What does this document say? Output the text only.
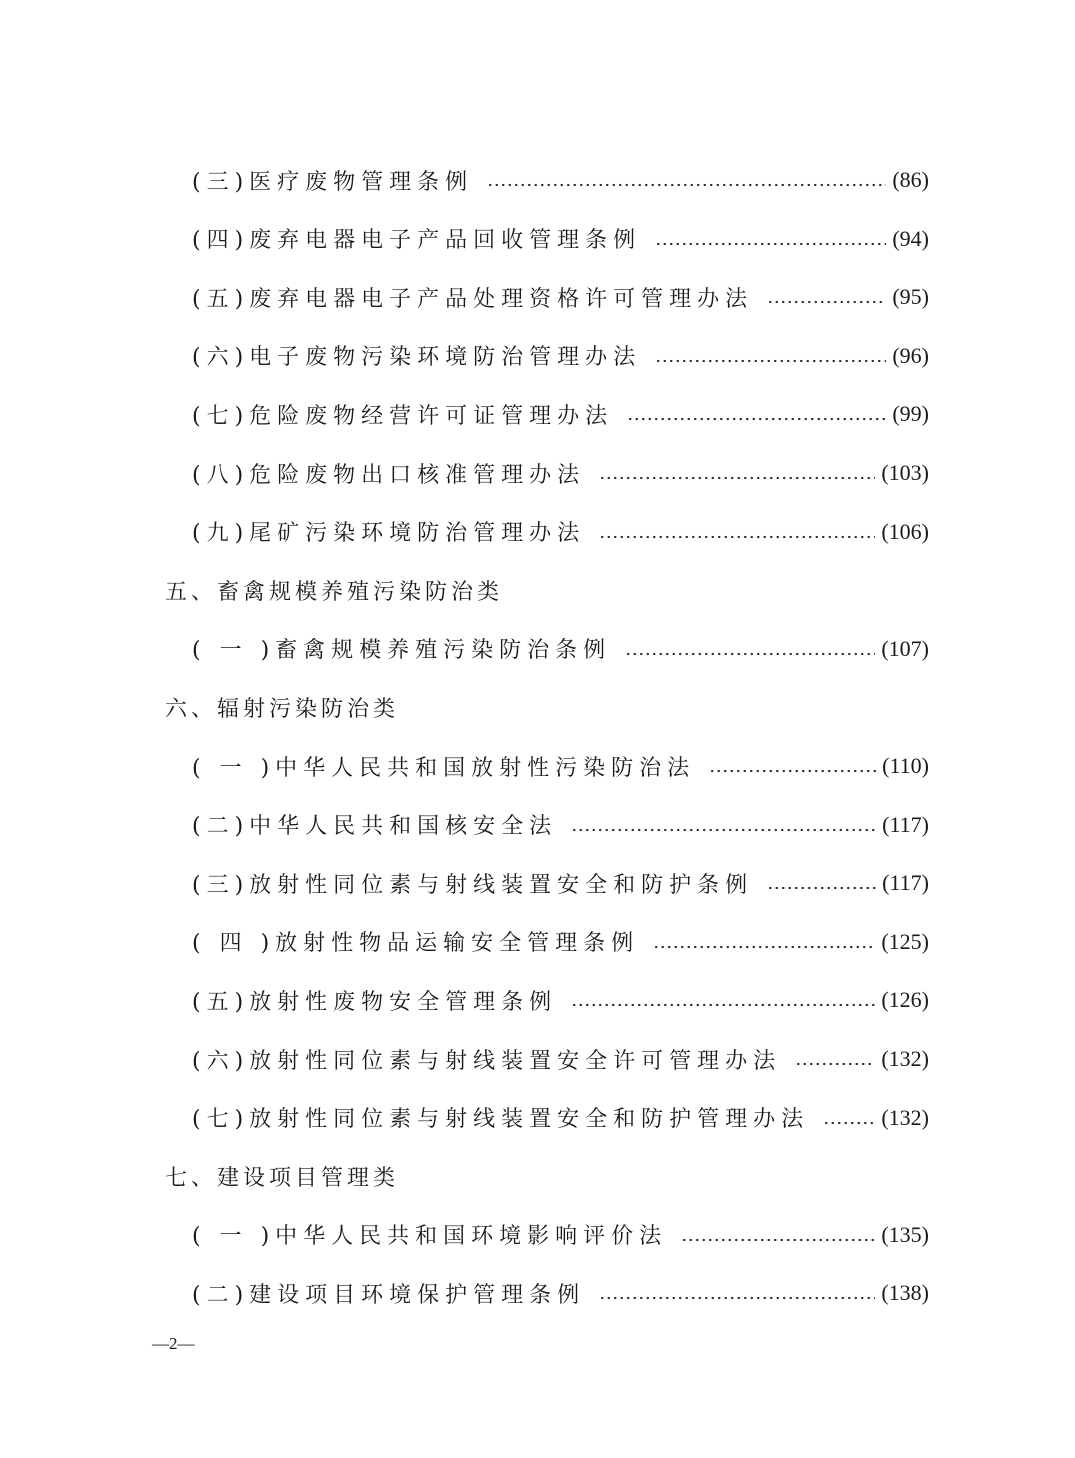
(三)医疗废物管理条例	(86)
(四)废弃电器电子产品回收管理条例	(94)
(五)废弃电器电子产品处理资格许可管理办法	(95)
(六)电子废物污染环境防治管理办法	(96)
(七)危险废物经营许可证管理办法	(99)
(八)危险废物出口核准管理办法	(103)
(九)尾矿污染环境防治管理办法	(106)
五、畜禽规模养殖污染防治类
( 一 )畜禽规模养殖污染防治条例	(107)
六、辐射污染防治类
( 一 )中华人民共和国放射性污染防治法	(110)
(二)中华人民共和国核安全法	(117)
(三)放射性同位素与射线装置安全和防护条例	(117)
( 四 )放射性物品运输安全管理条例	(125)
(五)放射性废物安全管理条例	(126)
(六)放射性同位素与射线装置安全许可管理办法	(132)
(七)放射性同位素与射线装置安全和防护管理办法	(132)
七、建设项目管理类
( 一 )中华人民共和国环境影响评价法	(135)
(二)建设项目环境保护管理条例	(138)
—2—
